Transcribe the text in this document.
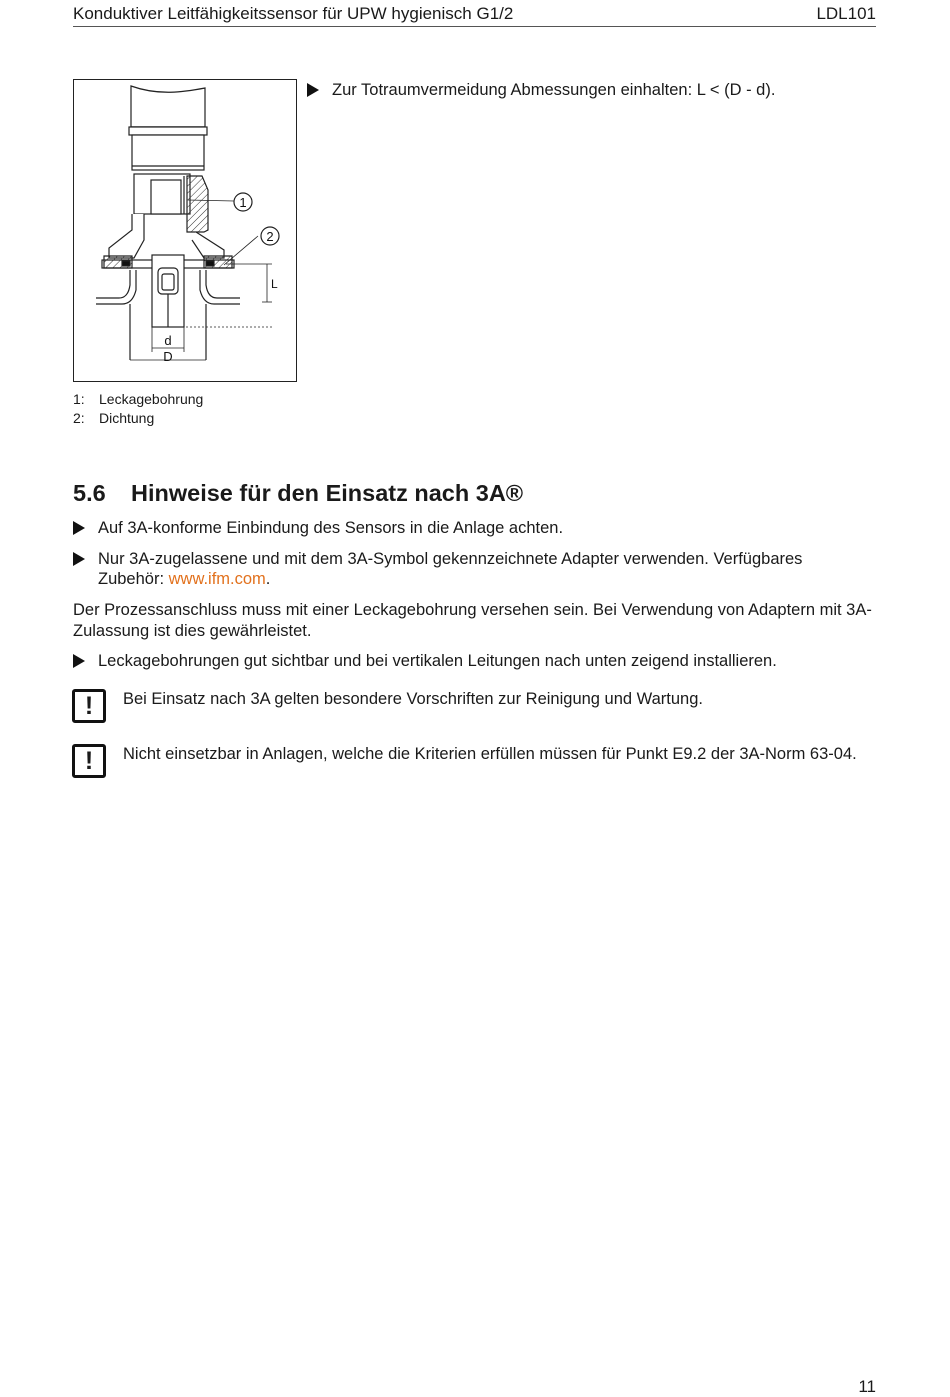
Konduktiver Leitfähigkeitssensor für UPW hygienisch G1/2	LDL101
1
2
L
d
D
Zur Totraumvermeidung Abmessungen einhalten: L < (D - d).
1: Leckagebohrung
2: Dichtung
5.6 Hinweise für den Einsatz nach 3A®
Auf 3A-konforme Einbindung des Sensors in die Anlage achten.
Nur 3A-zugelassene und mit dem 3A-Symbol gekennzeichnete Adapter verwenden. Verfügbares Zubehör: www.ifm.com.
Der Prozessanschluss muss mit einer Leckagebohrung versehen sein. Bei Verwendung von Adaptern mit 3A-Zulassung ist dies gewährleistet.
Leckagebohrungen gut sichtbar und bei vertikalen Leitungen nach unten zeigend installieren.
!	Bei Einsatz nach 3A gelten besondere Vorschriften zur Reinigung und Wartung.
!	Nicht einsetzbar in Anlagen, welche die Kriterien erfüllen müssen für Punkt E9.2 der 3A-Norm 63-04.
11
